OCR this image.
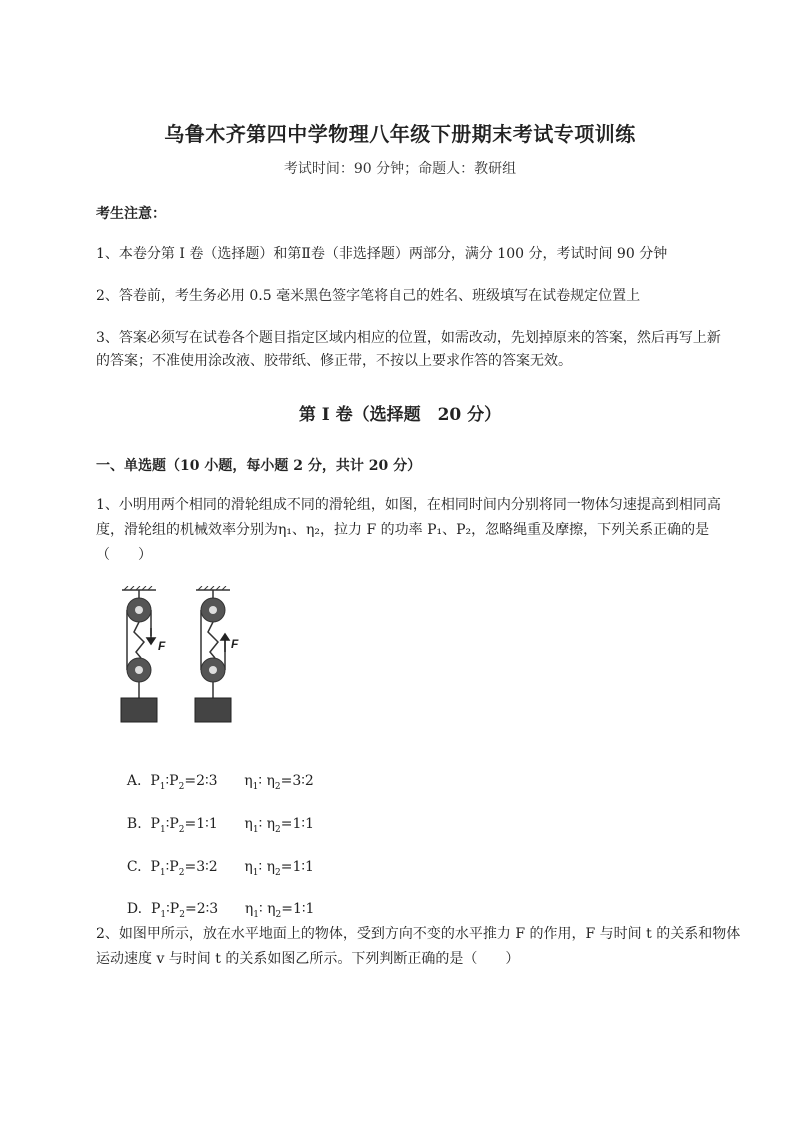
乌鲁木齐第四中学物理八年级下册期末考试专项训练
考试时间：90 分钟；命题人：教研组
考生注意：
1、本卷分第 I 卷（选择题）和第Ⅱ卷（非选择题）两部分，满分 100 分，考试时间 90 分钟
2、答卷前，考生务必用 0.5 毫米黑色签字笔将自己的姓名、班级填写在试卷规定位置上
3、答案必须写在试卷各个题目指定区域内相应的位置，如需改动，先划掉原来的答案，然后再写上新的答案；不准使用涂改液、胶带纸、修正带，不按以上要求作答的答案无效。
第 I 卷（选择题　20 分）
一、单选题（10 小题，每小题 2 分，共计 20 分）
1、小明用两个相同的滑轮组成不同的滑轮组，如图，在相同时间内分别将同一物体匀速提高到相同高度，滑轮组的机械效率分别为η₁、η₂，拉力 F 的功率 P₁、P₂，忽略绳重及摩擦，下列关系正确的是（　　）
F	F

A.  $P_1∶P_2=2∶3$      $\eta_1∶$ $\eta_2=3∶2$

B.  $P_1∶P_2=1∶1$      $\eta_1∶$ $\eta_2=1∶1$

C.  $P_1∶P_2=3∶2$      $\eta_1∶$ $\eta_2=1∶1$

D.  $P_1∶P_2=2∶3$      $\eta_1∶$ $\eta_2=1∶1$

2、如图甲所示，放在水平地面上的物体，受到方向不变的水平推力 F 的作用，F 与时间 t 的关系和物体运动速度 v 与时间 t 的关系如图乙所示。下列判断正确的是（　　）
